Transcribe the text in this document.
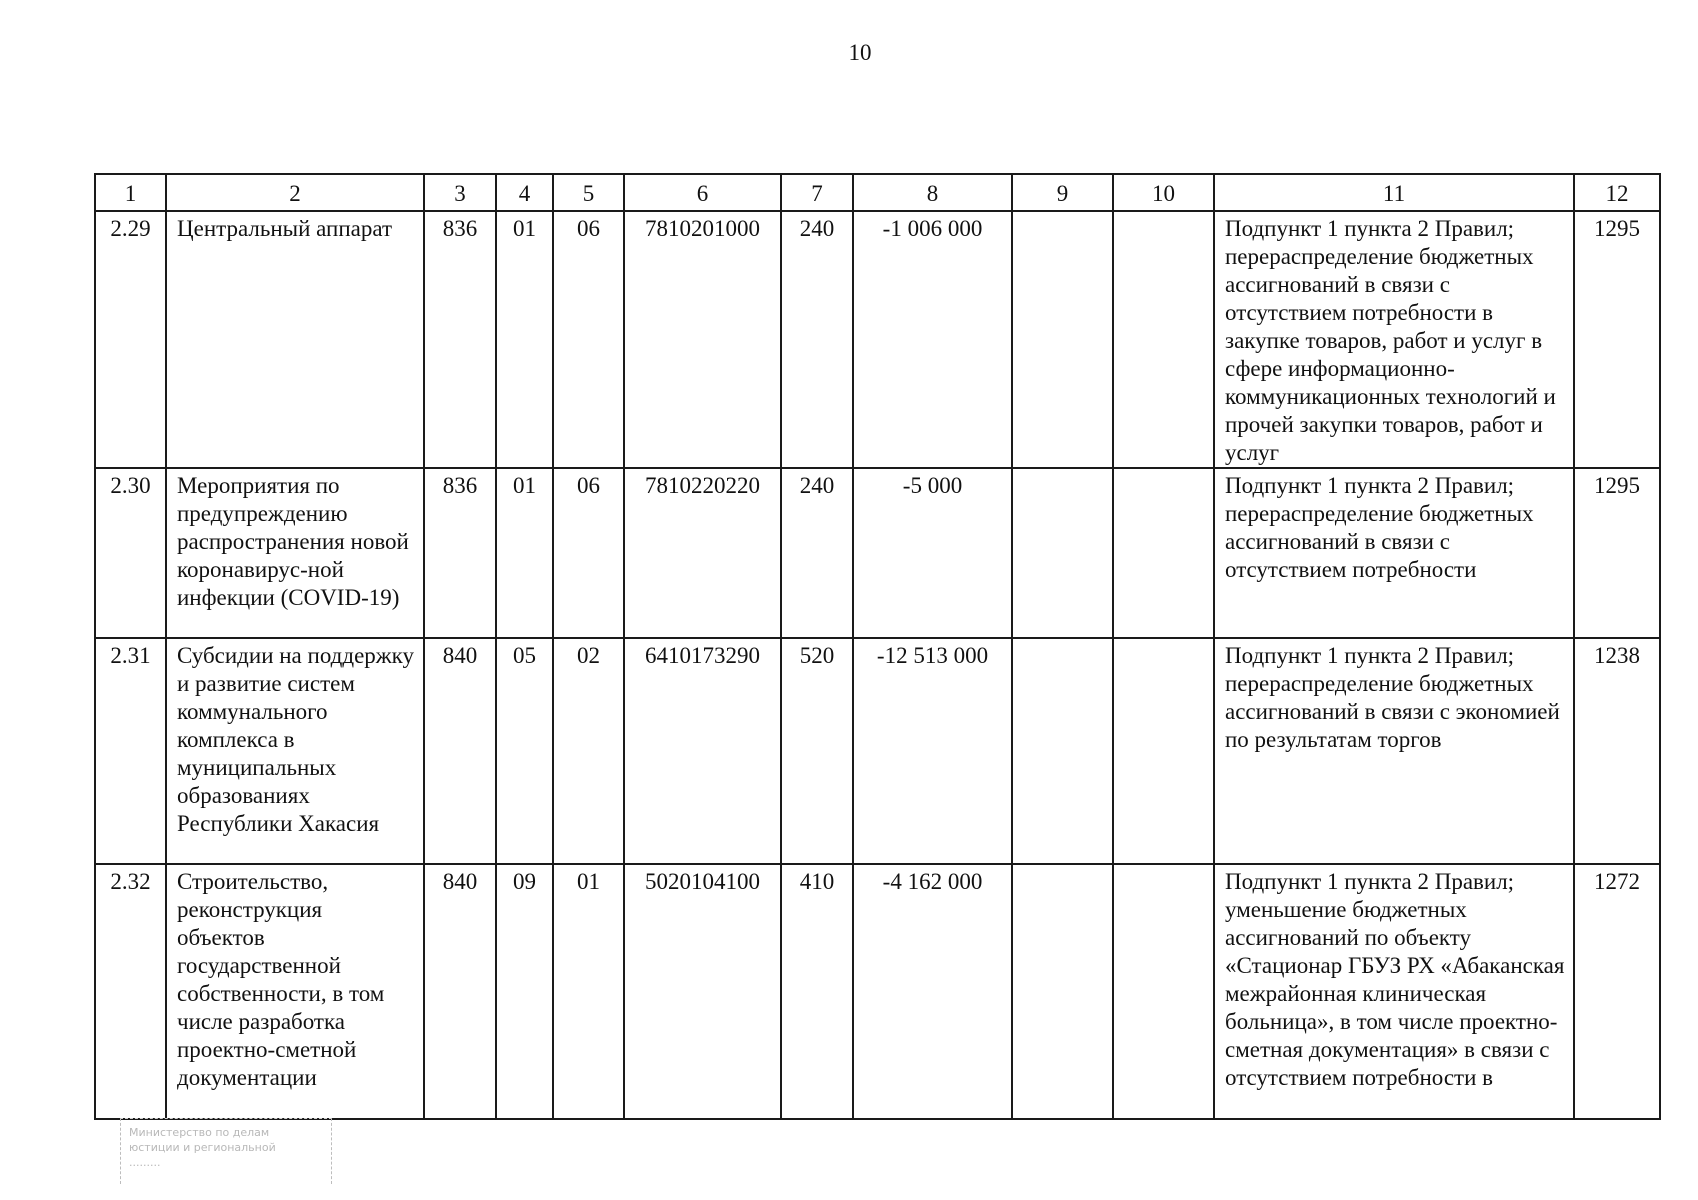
10
1	2	3	4	5	6	7	8	9	10	11	12
2.29	Центральный аппарат	836	01	06	7810201000	240	-1 006 000			Подпункт 1 пункта 2 Правил; перераспределение бюджетных ассигнований в связи с отсутствием потребности в закупке товаров, работ и услуг в сфере информационно-коммуникационных технологий и прочей закупки товаров, работ и услуг	1295
2.30	Мероприятия по предупреждению распространения новой коронавирус-ной инфекции (COVID-19)	836	01	06	7810220220	240	-5 000			Подпункт 1 пункта 2 Правил; перераспределение бюджетных ассигнований в связи с отсутствием потребности	1295
2.31	Субсидии на поддержку и развитие систем коммунального комплекса в муниципальных образованиях Республики Хакасия	840	05	02	6410173290	520	-12 513 000			Подпункт 1 пункта 2 Правил; перераспределение бюджетных ассигнований в связи с экономией по результатам торгов	1238
2.32	Строительство, реконструкция объектов государственной собственности, в том числе разработка проектно-сметной документации	840	09	01	5020104100	410	-4 162 000			Подпункт 1 пункта 2 Правил; уменьшение бюджетных ассигнований по объекту «Стационар ГБУЗ РХ «Абаканская межрайонная клиническая больница», в том числе проектно-сметная документация» в связи с отсутствием потребности в	1272
Министерство по делам
юстиции и региональной
.........
